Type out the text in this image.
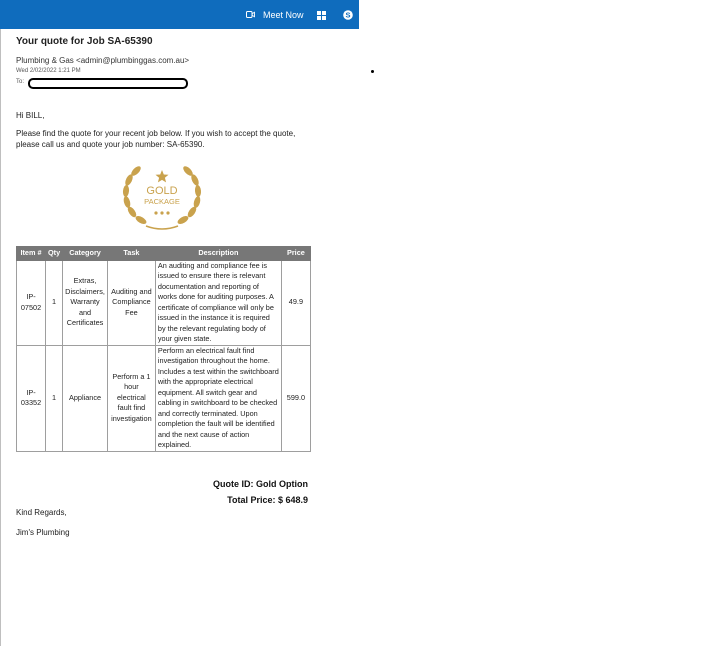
Meet Now	S
Your quote for Job SA-65390
Plumbing & Gas <admin@plumbinggas.com.au>
Wed 2/02/2022 1:21 PM
To:
Hi BILL,
Please find the quote for your recent job below. If you wish to accept the quote, please call us and quote your job number: SA-65390.
GOLD
PACKAGE
Item #	Qty	Category	Task	Description	Price
IP-07502	1	Extras, Disclaimers, Warranty and Certificates	Auditing and Compliance Fee	An auditing and compliance fee is issued to ensure there is relevant documentation and reporting of works done for auditing purposes. A certificate of compliance will only be issued in the instance it is required by the relevant regulating body of your given state.	49.9
IP-03352	1	Appliance	Perform a 1 hour electrical fault find investigation	Perform an electrical fault find investigation throughout the home. Includes a test within the switchboard with the appropriate electrical equipment. All switch gear and cabling in switchboard to be checked and correctly terminated. Upon completion the fault will be identified and the next cause of action explained.	599.0
Quote ID: Gold Option
Total Price: $ 648.9
Kind Regards,
Jim's Plumbing
